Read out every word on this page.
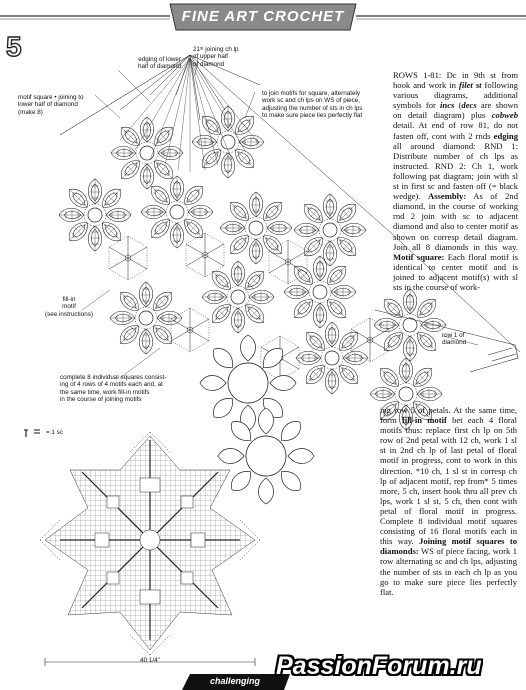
FINE ART CROCHET
5	edging of lower
half of diamond
21ˢᵗ joining ch lp
of upper half
of diamond
motif square • joining to
lower half of diamond
(make 8)
to join motifs for square, alternately
work sc and ch lps on WS of piece,
adjusting the number of sts in ch lps
to make sure piece lies perfectly flat
fill-in
motif
(see instructions)
complete 8 individual squares consist-
ing of 4 rows of 4 motifs each and, at
the same time, work fill-in motifs
in the course of joining motifs
row 1 of
diamond
= 1 sc
40 1/4"
ROWS 1-81: Dc in 9th st from hook and work in filet st following various diagrams, additional symbols for incs (decs are shown on detail diagram) plus cobweb detail. At end of row 81, do not fasten off, cont with 2 rnds edging all around diamond: RND 1: Distribute number of ch lps as instructed. RND 2: Ch 1, work following pat diagram; join with sl st in first sc and fasten off (= black wedge). Assembly: As of 2nd diamond, in the course of working rnd 2 join with sc to adjacent diamond and also to center motif as shown on corresp detail diagram. Join all 8 diamonds in this way. Motif square: Each floral motif is identical to center motif and is joined to adjacent motif(s) with sl sts in the course of work-
ing row 5 of petals. At the same time, form fill-in motif bet each 4 floral motifs thus: replace first ch lp on 5th row of 2nd petal with 12 ch, work 1 sl st in 2nd ch lp of last petal of floral motif in progress, cont to work in this direction. *10 ch, 1 sl st in corresp ch lp of adjacent motif, rep from* 5 times more, 5 ch, insert hook thru all prev ch lps, work 1 sl st, 5 ch, then cont with petal of floral motif in progress. Complete 8 individual motif squares consisting of 16 floral motifs each in this way. Joining motif squares to diamonds: WS of piece facing, work 1 row alternating sc and ch lps, adjusting the number of sts in each ch lp as you go to make sure piece lies perfectly flat.
challenging
PassionForum.ru
